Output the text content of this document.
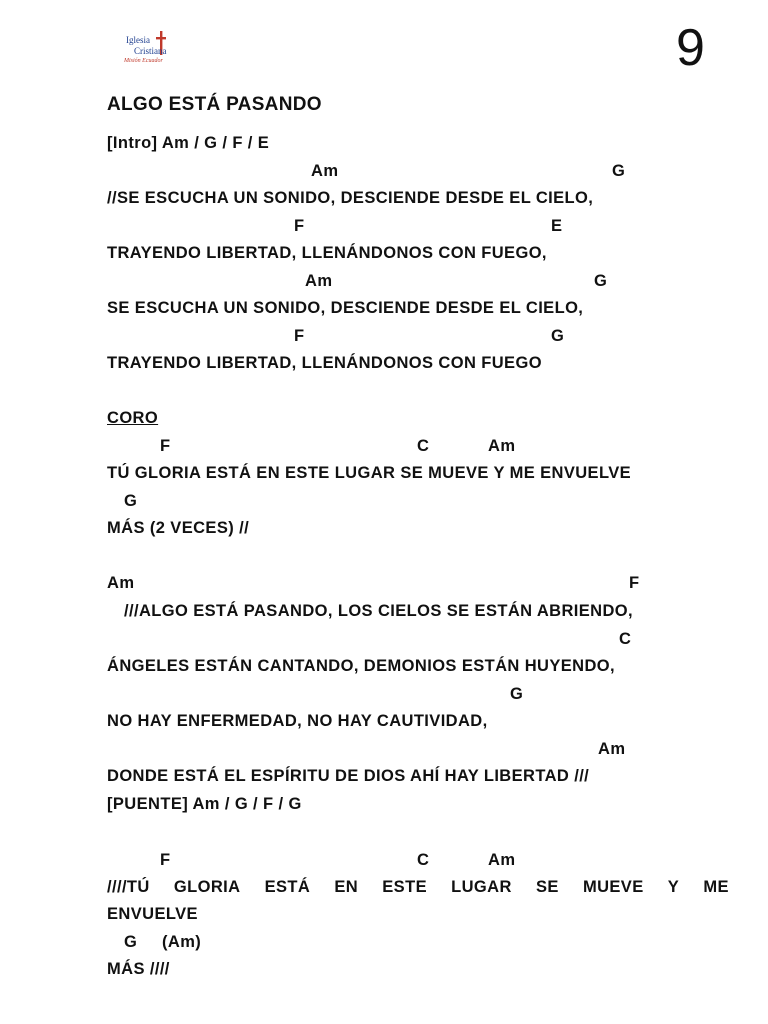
Iglesia
Cristiana
Misión Ecuador	9
ALGO ESTÁ PASANDO
[Intro] Am / G / F / E
Am	G
//SE ESCUCHA UN SONIDO, DESCIENDE DESDE EL CIELO,
F	E
TRAYENDO LIBERTAD, LLENÁNDONOS CON FUEGO,
Am	G
SE ESCUCHA UN SONIDO, DESCIENDE DESDE EL CIELO,
F	G
TRAYENDO LIBERTAD, LLENÁNDONOS CON FUEGO
CORO
F	C	Am
TÚ GLORIA ESTÁ EN ESTE LUGAR SE MUEVE Y ME ENVUELVE
G
MÁS (2 VECES) //
Am	F
///ALGO ESTÁ PASANDO, LOS CIELOS SE ESTÁN ABRIENDO,
C
ÁNGELES ESTÁN CANTANDO, DEMONIOS ESTÁN HUYENDO,
G
NO HAY ENFERMEDAD, NO HAY CAUTIVIDAD,
Am
DONDE ESTÁ EL ESPÍRITU DE DIOS AHÍ HAY LIBERTAD ///
[PUENTE] Am / G / F / G
F	C	Am
////TÚ GLORIA ESTÁ EN ESTE LUGAR SE MUEVE Y ME
ENVUELVE
G (Am)
MÁS ////
